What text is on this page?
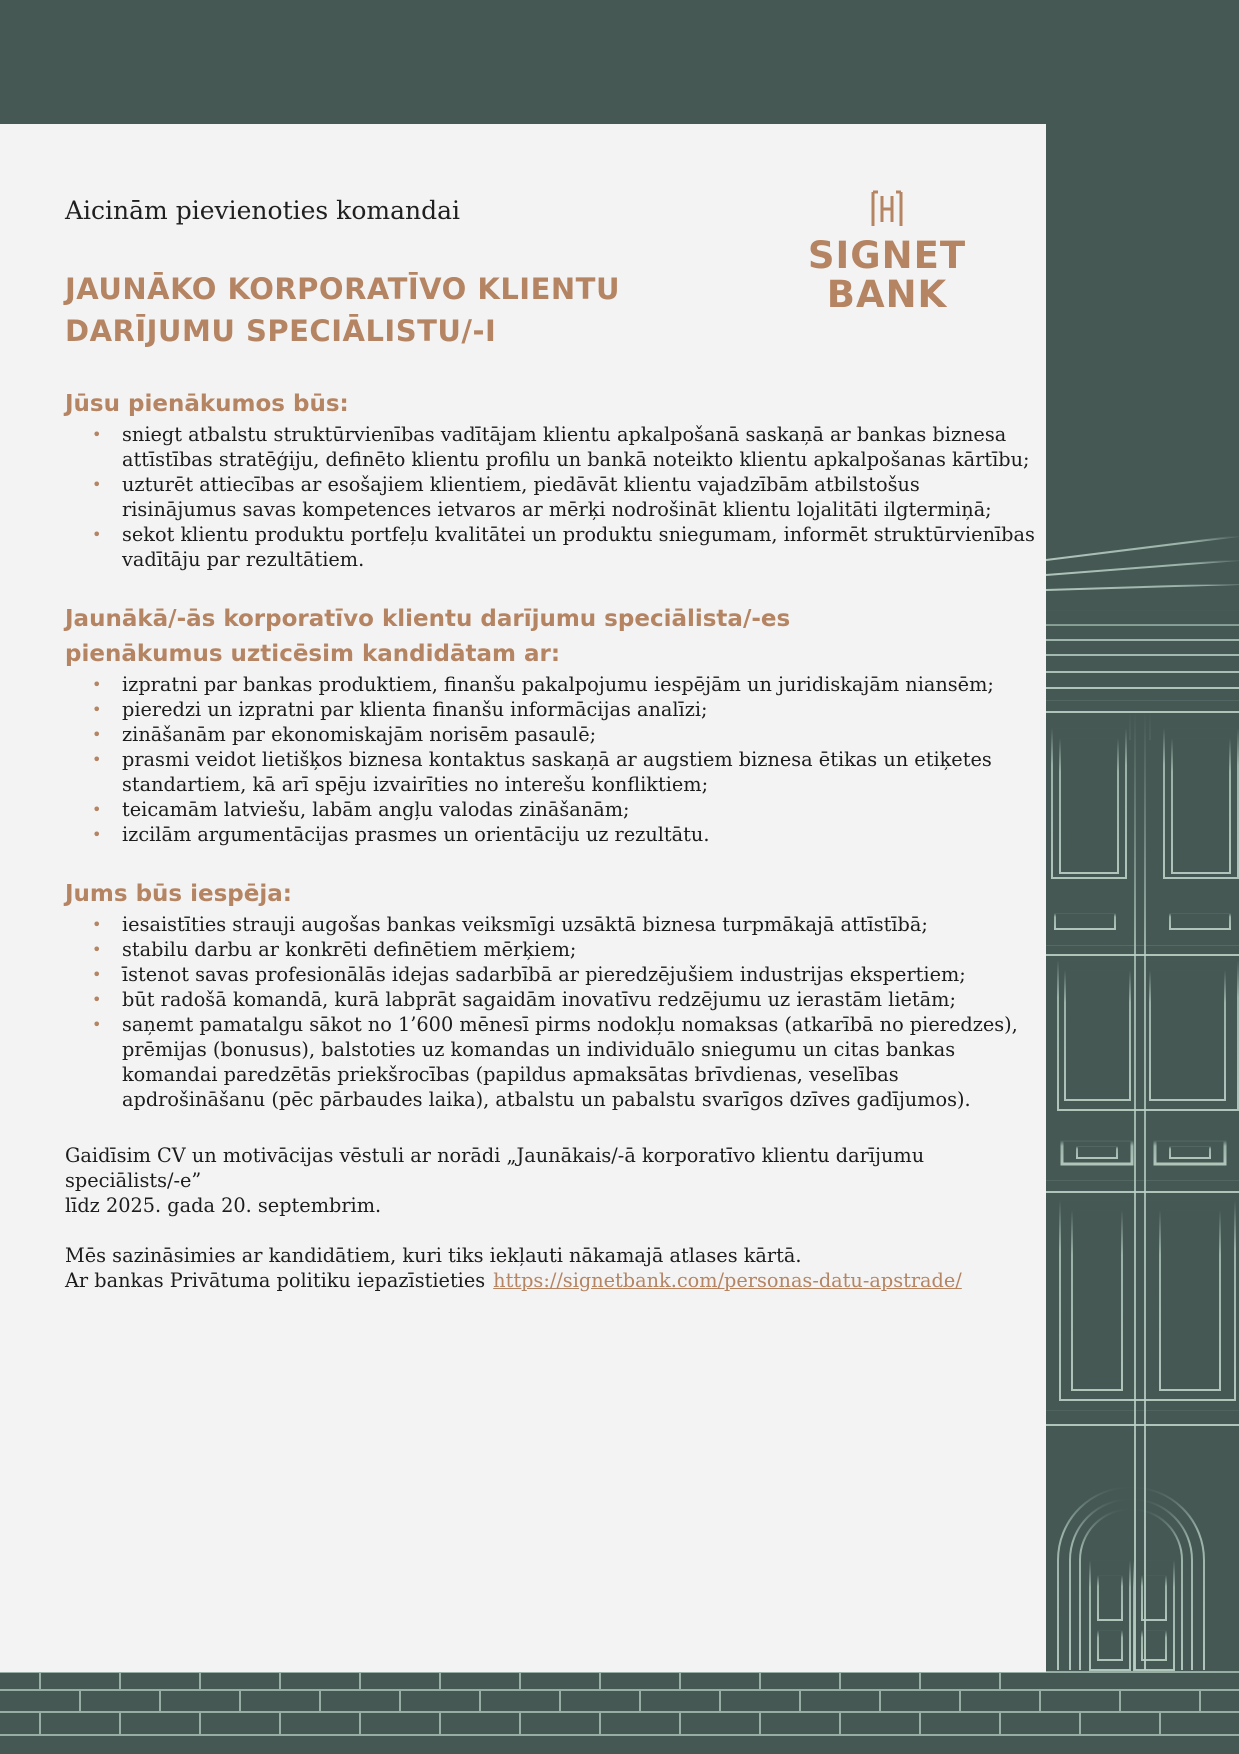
Aicinām pievienoties komandai
JAUNĀKO KORPORATĪVO KLIENTU
DARĪJUMU SPECIĀLISTU/-I
SIGNET
BANK
Jūsu pienākumos būs:
• sniegt atbalstu struktūrvienības vadītājam klientu apkalpošanā saskaņā ar bankas biznesa attīstības stratēģiju, definēto klientu profilu un bankā noteikto klientu apkalpošanas kārtību;
• uzturēt attiecības ar esošajiem klientiem, piedāvāt klientu vajadzībām atbilstošus risinājumus savas kompetences ietvaros ar mērķi nodrošināt klientu lojalitāti ilgtermiņā;
• sekot klientu produktu portfeļu kvalitātei un produktu sniegumam, informēt struktūrvienības vadītāju par rezultātiem.
Jaunākā/-ās korporatīvo klientu darījumu speciālista/-es
pienākumus uzticēsim kandidātam ar:
• izpratni par bankas produktiem, finanšu pakalpojumu iespējām un juridiskajām niansēm;
• pieredzi un izpratni par klienta finanšu informācijas analīzi;
• zināšanām par ekonomiskajām norisēm pasaulē;
• prasmi veidot lietišķos biznesa kontaktus saskaņā ar augstiem biznesa ētikas un etiķetes standartiem, kā arī spēju izvairīties no interešu konfliktiem;
• teicamām latviešu, labām angļu valodas zināšanām;
• izcilām argumentācijas prasmes un orientāciju uz rezultātu.
Jums būs iespēja:
• iesaistīties strauji augošas bankas veiksmīgi uzsāktā biznesa turpmākajā attīstībā;
• stabilu darbu ar konkrēti definētiem mērķiem;
• īstenot savas profesionālās idejas sadarbībā ar pieredzējušiem industrijas ekspertiem;
• būt radošā komandā, kurā labprāt sagaidām inovatīvu redzējumu uz ierastām lietām;
• saņemt pamatalgu sākot no 1’600 mēnesī pirms nodokļu nomaksas (atkarībā no pieredzes), prēmijas (bonusus), balstoties uz komandas un individuālo sniegumu un citas bankas komandai paredzētās priekšrocības (papildus apmaksātas brīvdienas, veselības apdrošināšanu (pēc pārbaudes laika), atbalstu un pabalstu svarīgos dzīves gadījumos).

Gaidīsim CV un motivācijas vēstuli ar norādi „Jaunākais/-ā korporatīvo klientu darījumu speciālists/-e”
līdz 2025. gada 20. septembrim.

Mēs sazināsimies ar kandidātiem, kuri tiks iekļauti nākamajā atlases kārtā.
Ar bankas Privātuma politiku iepazīstieties https://signetbank.com/personas-datu-apstrade/
